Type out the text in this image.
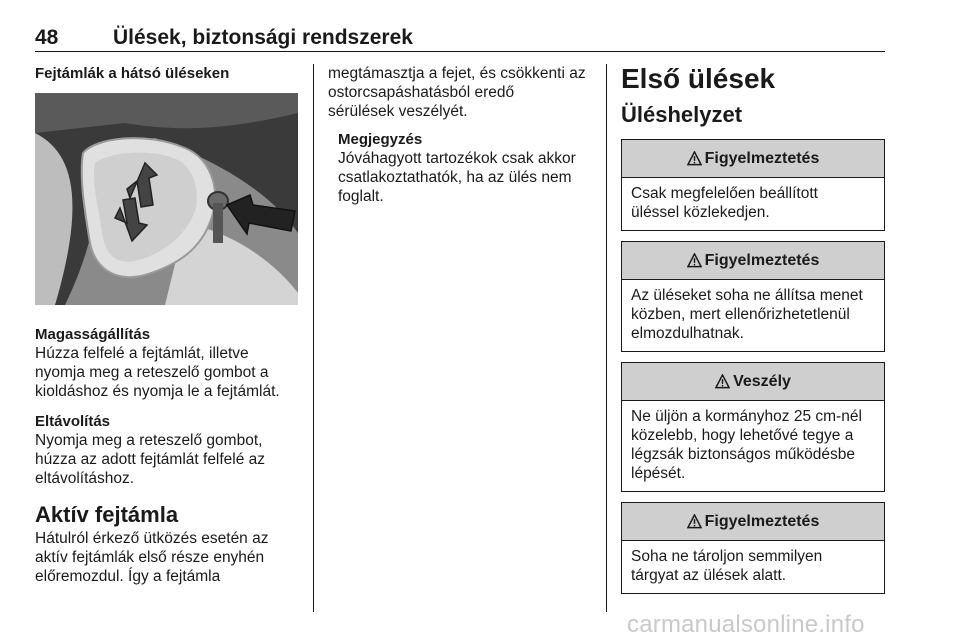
48	Ülések, biztonsági rendszerek
Fejtámlák a hátsó üléseken
Magasságállítás
Húzza felfelé a fejtámlát, illetve
nyomja meg a reteszelő gombot a
kioldáshoz és nyomja le a fejtámlát.
Eltávolítás
Nyomja meg a reteszelő gombot,
húzza az adott fejtámlát felfelé az
eltávolításhoz.
Aktív fejtámla
Hátulról érkező ütközés esetén az
aktív fejtámlák első része enyhén
előremozdul. Így a fejtámla
megtámasztja a fejet, és csökkenti az
ostorcsapáshatásból eredő
sérülések veszélyét.
Megjegyzés
Jóváhagyott tartozékok csak akkor
csatlakoztathatók, ha az ülés nem
foglalt.
Első ülések
Üléshelyzet
Figyelmeztetés
Csak megfelelően beállított
üléssel közlekedjen.
Figyelmeztetés
Az üléseket soha ne állítsa menet
közben, mert ellenőrizhetetlenül
elmozdulhatnak.
Veszély
Ne üljön a kormányhoz 25 cm-nél
közelebb, hogy lehetővé tegye a
légzsák biztonságos működésbe
lépését.
Figyelmeztetés
Soha ne tároljon semmilyen
tárgyat az ülések alatt.
carmanualsonline.info
